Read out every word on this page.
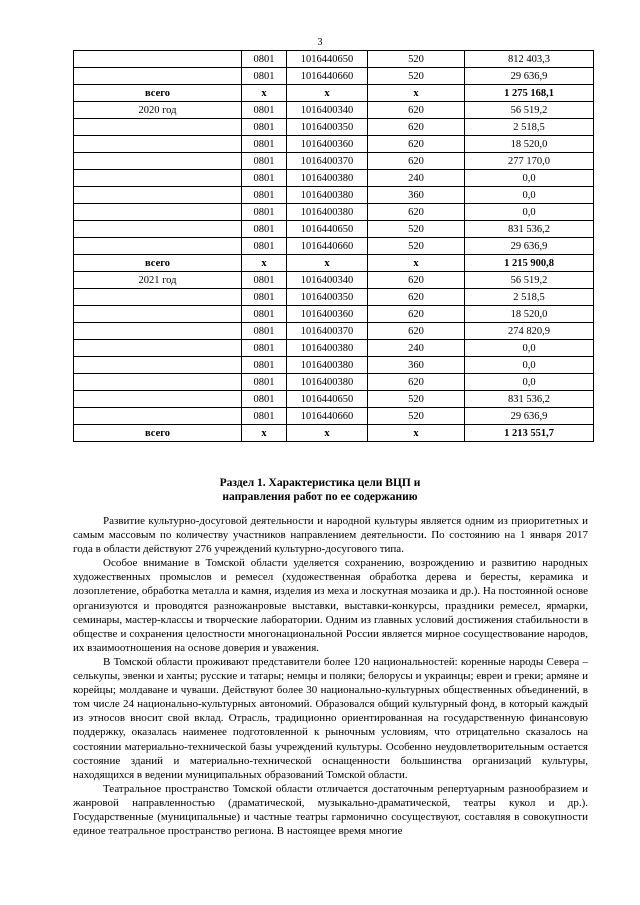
3
	0801	1016440650	520	812 403,3
	0801	1016440660	520	29 636,9
всего	х	х	х	1 275 168,1
2020 год	0801	1016400340	620	56 519,2
	0801	1016400350	620	2 518,5
	0801	1016400360	620	18 520,0
	0801	1016400370	620	277 170,0
	0801	1016400380	240	0,0
	0801	1016400380	360	0,0
	0801	1016400380	620	0,0
	0801	1016440650	520	831 536,2
	0801	1016440660	520	29 636,9
всего	х	х	х	1 215 900,8
2021 год	0801	1016400340	620	56 519,2
	0801	1016400350	620	2 518,5
	0801	1016400360	620	18 520,0
	0801	1016400370	620	274 820,9
	0801	1016400380	240	0,0
	0801	1016400380	360	0,0
	0801	1016400380	620	0,0
	0801	1016440650	520	831 536,2
	0801	1016440660	520	29 636,9
всего	х	х	х	1 213 551,7
Раздел 1. Характеристика цели ВЦП и
направления работ по ее содержанию

Развитие культурно-досуговой деятельности и народной культуры является одним из приоритетных и самым массовым по количеству участников направлением деятельности. По состоянию на 1 января 2017 года в области действуют 276 учреждений культурно-досугового типа.

Особое внимание в Томской области уделяется сохранению, возрождению и развитию народных художественных промыслов и ремесел (художественная обработка дерева и бересты, керамика и лозоплетение, обработка металла и камня, изделия из меха и лоскутная мозаика и др.). На постоянной основе организуются и проводятся разножанровые выставки, выставки-конкурсы, праздники ремесел, ярмарки, семинары, мастер-классы и творческие лаборатории. Одним из главных условий достижения стабильности в обществе и сохранения целостности многонациональной России является мирное сосуществование народов, их взаимоотношения на основе доверия и уважения.

В Томской области проживают представители более 120 национальностей: коренные народы Севера – селькупы, эвенки и ханты; русские и татары; немцы и поляки; белорусы и украинцы; евреи и греки; армяне и корейцы; молдаване и чуваши. Действуют более 30 национально-культурных общественных объединений, в том числе 24 национально-культурных автономий. Образовался общий культурный фонд, в который каждый из этносов вносит свой вклад. Отрасль, традиционно ориентированная на государственную финансовую поддержку, оказалась наименее подготовленной к рыночным условиям, что отрицательно сказалось на состоянии материально-технической базы учреждений культуры. Особенно неудовлетворительным остается состояние зданий и материально-технической оснащенности большинства организаций культуры, находящихся в ведении муниципальных образований Томской области.

Театральное пространство Томской области отличается достаточным репертуарным разнообразием и жанровой направленностью (драматической, музыкально-драматической, театры кукол и др.). Государственные (муниципальные) и частные театры гармонично сосуществуют, составляя в совокупности единое театральное пространство региона. В настоящее время многие
